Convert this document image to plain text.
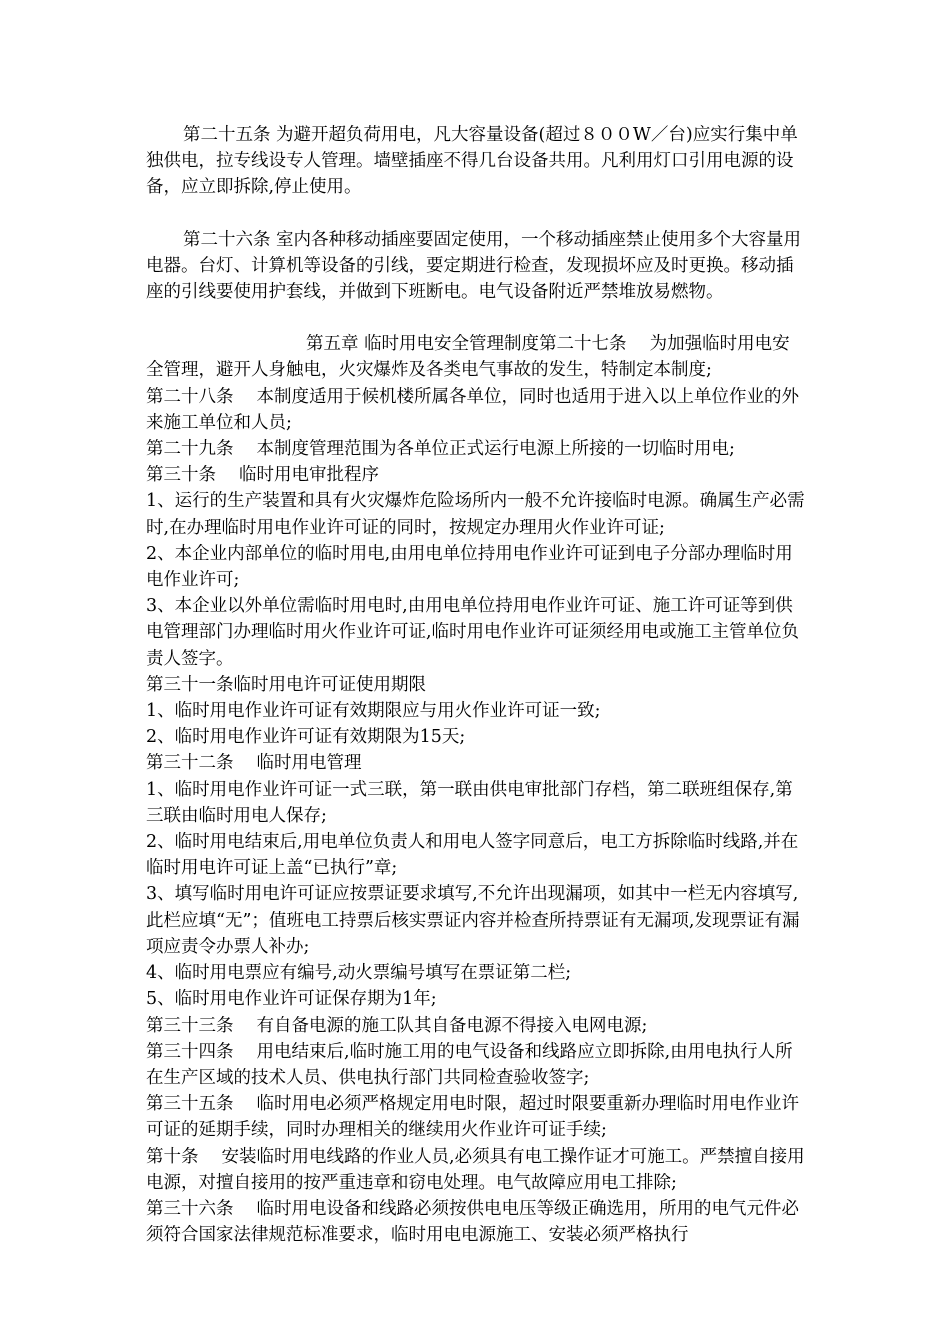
第二十五条 为避开超负荷用电，凡大容量设备(超过８００W／台)应实行集中单独供电，拉专线设专人管理。墙壁插座不得几台设备共用。凡利用灯口引用电源的设备，应立即拆除,停止使用。

第二十六条 室内各种移动插座要固定使用，一个移动插座禁止使用多个大容量用电器。台灯、计算机等设备的引线，要定期进行检查，发现损坏应及时更换。移动插座的引线要使用护套线，并做到下班断电。电气设备附近严禁堆放易燃物。

第五章 临时用电安全管理制度第二十七条　 为加强临时用电安全管理，避开人身触电，火灾爆炸及各类电气事故的发生，特制定本制度;

第二十八条　 本制度适用于候机楼所属各单位，同时也适用于进入以上单位作业的外来施工单位和人员;

第二十九条　 本制度管理范围为各单位正式运行电源上所接的一切临时用电;

第三十条　 临时用电审批程序

1、运行的生产装置和具有火灾爆炸危险场所内一般不允许接临时电源。确属生产必需时,在办理临时用电作业许可证的同时，按规定办理用火作业许可证;

2、本企业内部单位的临时用电,由用电单位持用电作业许可证到电子分部办理临时用电作业许可;

3、本企业以外单位需临时用电时,由用电单位持用电作业许可证、施工许可证等到供电管理部门办理临时用火作业许可证,临时用电作业许可证须经用电或施工主管单位负责人签字。

第三十一条临时用电许可证使用期限

1、临时用电作业许可证有效期限应与用火作业许可证一致;

2、临时用电作业许可证有效期限为15天;

第三十二条　 临时用电管理

1、临时用电作业许可证一式三联，第一联由供电审批部门存档，第二联班组保存,第三联由临时用电人保存;

2、临时用电结束后,用电单位负责人和用电人签字同意后，电工方拆除临时线路,并在临时用电许可证上盖“已执行”章;

3、填写临时用电许可证应按票证要求填写,不允许出现漏项，如其中一栏无内容填写,此栏应填“无”；值班电工持票后核实票证内容并检查所持票证有无漏项,发现票证有漏项应责令办票人补办;

4、临时用电票应有编号,动火票编号填写在票证第二栏;

5、临时用电作业许可证保存期为1年;

第三十三条　 有自备电源的施工队其自备电源不得接入电网电源;

第三十四条　 用电结束后,临时施工用的电气设备和线路应立即拆除,由用电执行人所在生产区域的技术人员、供电执行部门共同检查验收签字;

第三十五条　 临时用电必须严格规定用电时限，超过时限要重新办理临时用电作业许可证的延期手续，同时办理相关的继续用火作业许可证手续;

第十条　 安装临时用电线路的作业人员,必须具有电工操作证才可施工。严禁擅自接用电源，对擅自接用的按严重违章和窃电处理。电气故障应用电工排除;

第三十六条　 临时用电设备和线路必须按供电电压等级正确选用，所用的电气元件必须符合国家法律规范标准要求，临时用电电源施工、安装必须严格执行
